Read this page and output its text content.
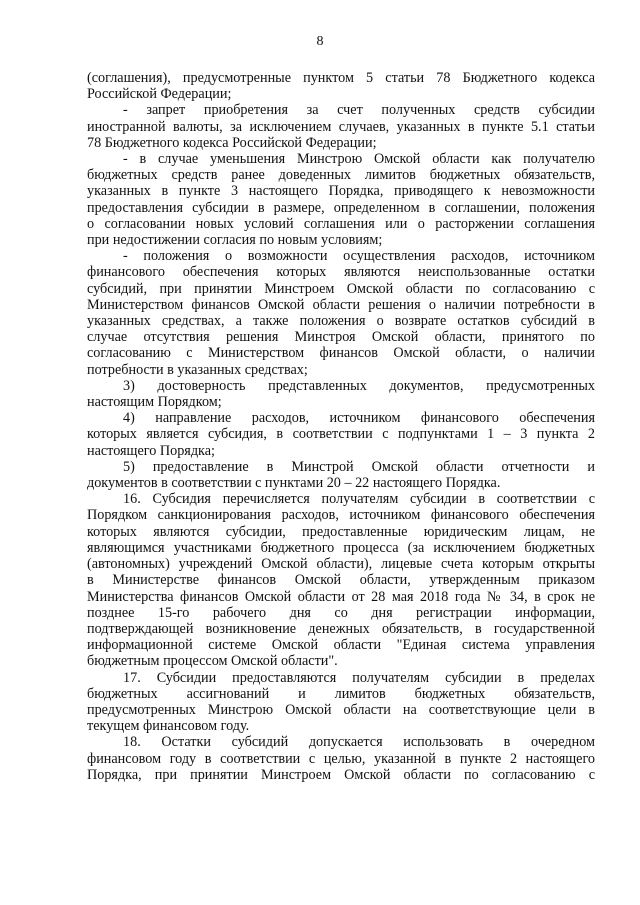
8
(соглашения), предусмотренные пунктом 5 статьи 78 Бюджетного кодекса
Российской Федерации;
- запрет приобретения за счет полученных средств субсидии
иностранной валюты, за исключением случаев, указанных в пункте 5.1 статьи
78 Бюджетного кодекса Российской Федерации;
- в случае уменьшения Минстрою Омской области как получателю
бюджетных средств ранее доведенных лимитов бюджетных обязательств,
указанных в пункте 3 настоящего Порядка, приводящего к невозможности
предоставления субсидии в размере, определенном в соглашении, положения
о согласовании новых условий соглашения или о расторжении соглашения
при недостижении согласия по новым условиям;
- положения о возможности осуществления расходов, источником
финансового обеспечения которых являются неиспользованные остатки
субсидий, при принятии Минстроем Омской области по согласованию с
Министерством финансов Омской области решения о наличии потребности в
указанных средствах, а также положения о возврате остатков субсидий в
случае отсутствия решения Минстроя Омской области, принятого по
согласованию с Министерством финансов Омской области, о наличии
потребности в указанных средствах;
3) достоверность представленных документов, предусмотренных
настоящим Порядком;
4) направление расходов, источником финансового обеспечения
которых является субсидия, в соответствии с подпунктами 1 – 3 пункта 2
настоящего Порядка;
5) предоставление в Минстрой Омской области отчетности и
документов в соответствии с пунктами 20 – 22 настоящего Порядка.
16. Субсидия перечисляется получателям субсидии в соответствии с
Порядком санкционирования расходов, источником финансового обеспечения
которых являются субсидии, предоставленные юридическим лицам, не
являющимся участниками бюджетного процесса (за исключением бюджетных
(автономных) учреждений Омской области), лицевые счета которым открыты
в Министерстве финансов Омской области, утвержденным приказом
Министерства финансов Омской области от 28 мая 2018 года № 34, в срок не
позднее 15-го рабочего дня со дня регистрации информации,
подтверждающей возникновение денежных обязательств, в государственной
информационной системе Омской области "Единая система управления
бюджетным процессом Омской области".
17. Субсидии предоставляются получателям субсидии в пределах
бюджетных ассигнований и лимитов бюджетных обязательств,
предусмотренных Минстрою Омской области на соответствующие цели в
текущем финансовом году.
18. Остатки субсидий допускается использовать в очередном
финансовом году в соответствии с целью, указанной в пункте 2 настоящего
Порядка, при принятии Минстроем Омской области по согласованию с
